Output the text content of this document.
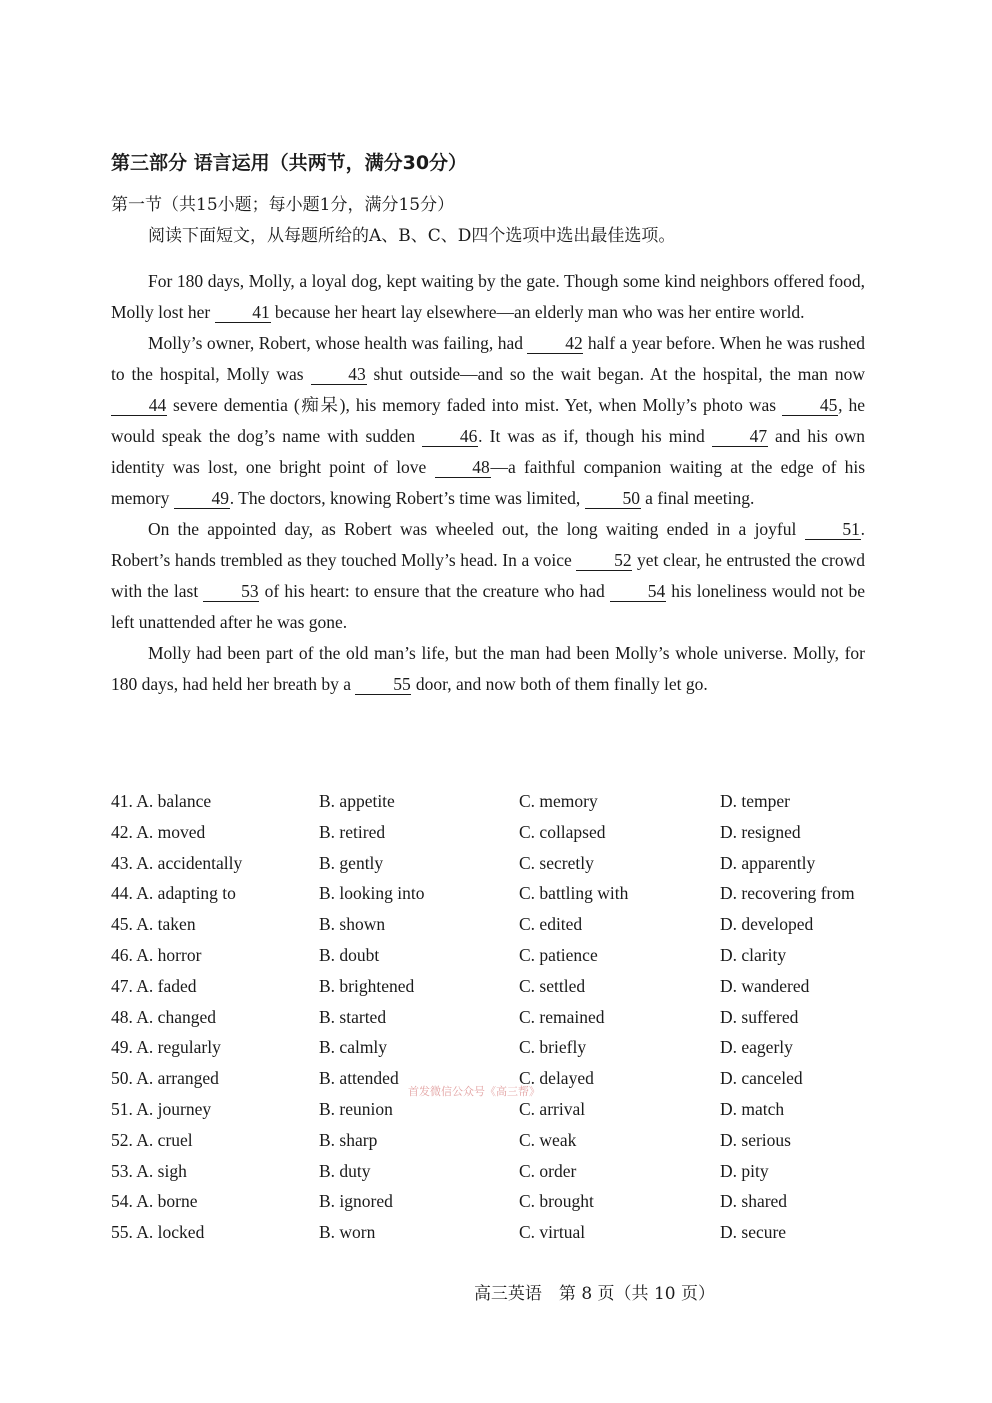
第三部分 语言运用（共两节，满分30分）
第一节（共15小题；每小题1分，满分15分）
阅读下面短文，从每题所给的A、B、C、D四个选项中选出最佳选项。

For 180 days, Molly, a loyal dog, kept waiting by the gate. Though some kind neighbors offered food, Molly lost her 41 because her heart lay elsewhere—an elderly man who was her entire world.

Molly’s owner, Robert, whose health was failing, had 42 half a year before. When he was rushed to the hospital, Molly was 43 shut outside—and so the wait began. At the hospital, the man now 44 severe dementia (痴呆), his memory faded into mist. Yet, when Molly’s photo was 45, he would speak the dog’s name with sudden 46. It was as if, though his mind 47 and his own identity was lost, one bright point of love 48—a faithful companion waiting at the edge of his memory 49. The doctors, knowing Robert’s time was limited, 50 a final meeting.

On the appointed day, as Robert was wheeled out, the long waiting ended in a joyful 51. Robert’s hands trembled as they touched Molly’s head. In a voice 52 yet clear, he entrusted the crowd with the last 53 of his heart: to ensure that the creature who had 54 his loneliness would not be left unattended after he was gone.

Molly had been part of the old man’s life, but the man had been Molly’s whole universe. Molly, for 180 days, had held her breath by a 55 door, and now both of them finally let go.

41. A. balance	B. appetite	C. memory	D. temper
42. A. moved	B. retired	C. collapsed	D. resigned
43. A. accidentally	B. gently	C. secretly	D. apparently
44. A. adapting to	B. looking into	C. battling with	D. recovering from
45. A. taken	B. shown	C. edited	D. developed
46. A. horror	B. doubt	C. patience	D. clarity
47. A. faded	B. brightened	C. settled	D. wandered
48. A. changed	B. started	C. remained	D. suffered
49. A. regularly	B. calmly	C. briefly	D. eagerly
50. A. arranged	B. attended	C. delayed	D. canceled
51. A. journey	B. reunion	C. arrival	D. match
52. A. cruel	B. sharp	C. weak	D. serious
53. A. sigh	B. duty	C. order	D. pity
54. A. borne	B. ignored	C. brought	D. shared
55. A. locked	B. worn	C. virtual	D. secure
首发微信公众号《高三帮》
高三英语　第 8 页（共 10 页）
